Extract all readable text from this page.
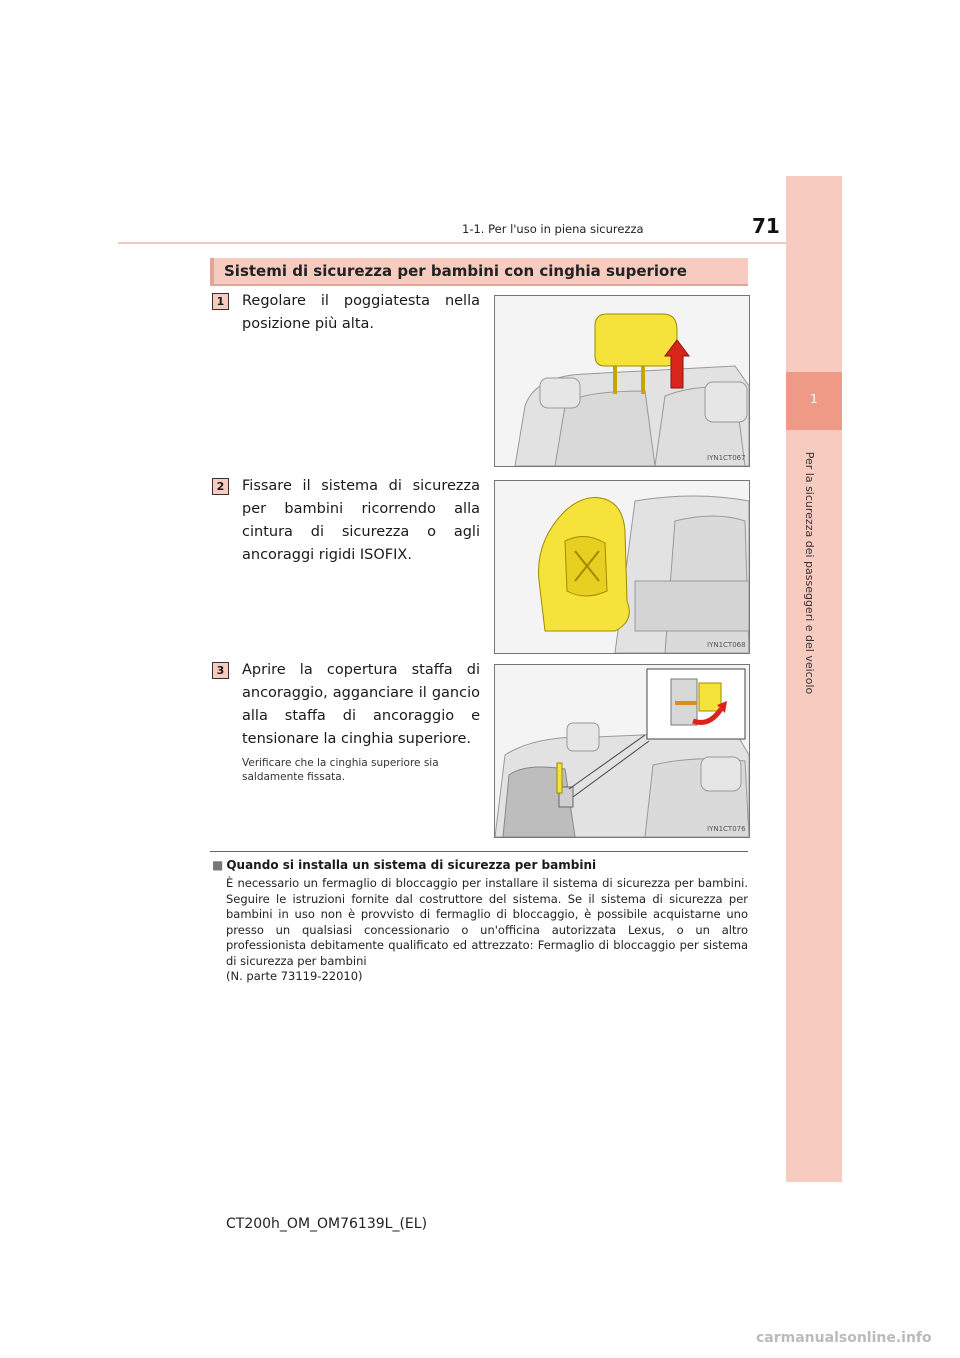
1-1. Per l'uso in piena sicurezza	71
1
Per la sicurezza dei passeggeri e del veicolo
Sistemi di sicurezza per bambini con cinghia superiore
1	Regolare il poggiatesta nella posizione più alta.
IYN1CT067
2	Fissare il sistema di sicurezza per bambini ricorrendo alla cintura di sicurezza o agli ancoraggi rigidi ISOFIX.
IYN1CT068
3	Aprire la copertura staffa di ancoraggio, agganciare il gancio alla staffa di ancoraggio e tensionare la cinghia superiore.
Verificare che la cinghia superiore sia saldamente fissata.
IYN1CT076
■ Quando si installa un sistema di sicurezza per bambini
È necessario un fermaglio di bloccaggio per installare il sistema di sicurezza per bambini. Seguire le istruzioni fornite dal costruttore del sistema. Se il sistema di sicurezza per bambini in uso non è provvisto di fermaglio di bloccaggio, è possibile acquistarne uno presso un qualsiasi concessionario o un'officina autorizzata Lexus, o un altro professionista debitamente qualificato ed attrezzato: Fermaglio di bloccaggio per sistema di sicurezza per bambini
(N. parte 73119-22010)
CT200h_OM_OM76139L_(EL)
carmanualsonline.info
